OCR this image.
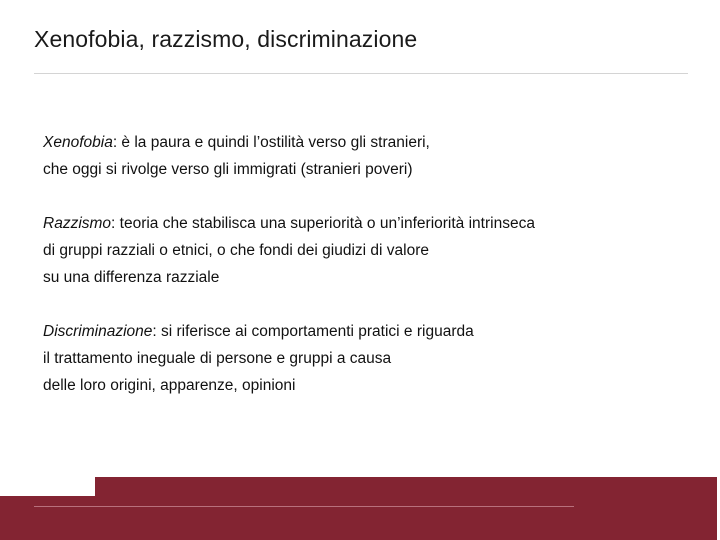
Xenofobia, razzismo, discriminazione

Xenofobia: è la paura e quindi l’ostilità verso gli stranieri,
che oggi si rivolge verso gli immigrati (stranieri poveri)

Razzismo: teoria che stabilisca una superiorità o un’inferiorità intrinseca
di gruppi razziali o etnici, o che fondi dei giudizi di valore
su una differenza razziale

Discriminazione: si riferisce ai comportamenti pratici e riguarda
il trattamento ineguale di persone e gruppi a causa
delle loro origini, apparenze, opinioni
